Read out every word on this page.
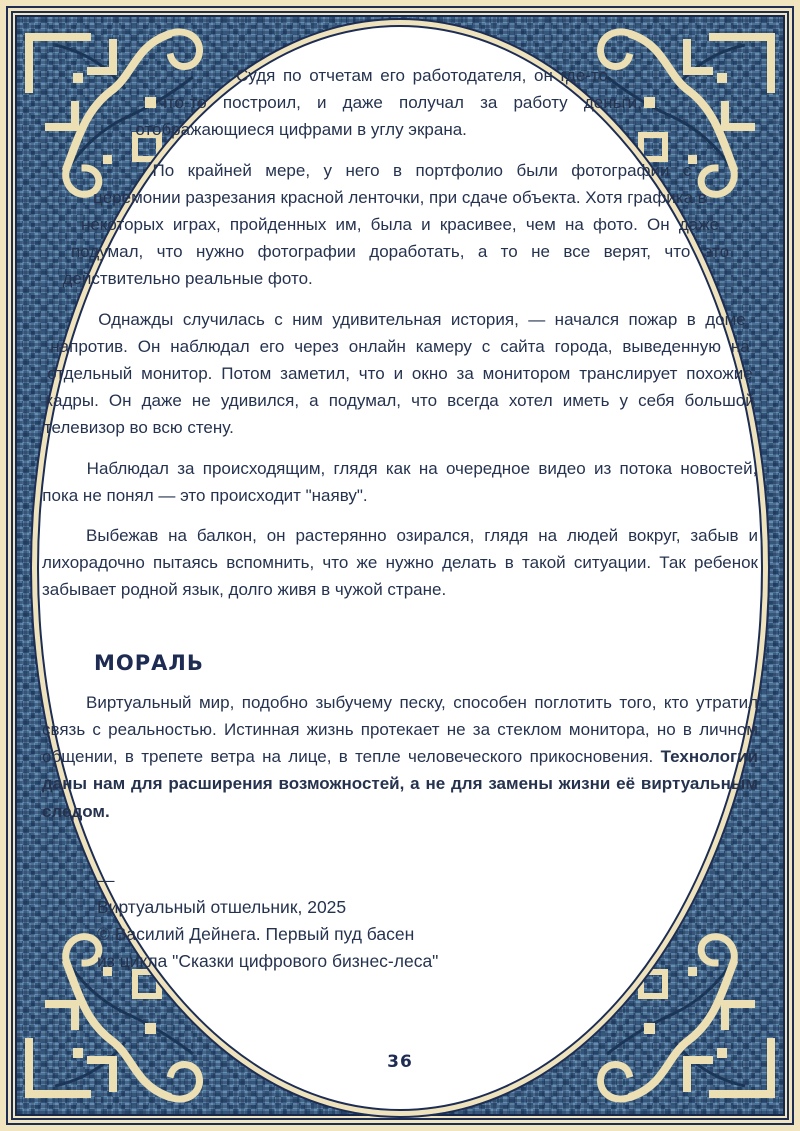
Судя по отчетам его работодателя, он где-то что-то построил, и даже получал за работу деньги, отображающиеся цифрами в углу экрана.

По крайней мере, у него в портфолио были фотографии с церемонии разрезания красной ленточки, при сдаче объекта. Хотя графика в некоторых играх, пройденных им, была и красивее, чем на фото. Он даже подумал, что нужно фотографии доработать, а то не все верят, что это действительно реальные фото.

Однажды случилась с ним удивительная история, — начался пожар в доме напротив. Он наблюдал его через онлайн камеру с сайта города, выведенную на отдельный монитор. Потом заметил, что и окно за монитором транслирует похожие кадры. Он даже не удивился, а подумал, что всегда хотел иметь у себя большой телевизор во всю стену.

Наблюдал за происходящим, глядя как на очередное видео из потока новостей, пока не понял — это происходит "наяву".

Выбежав на балкон, он растерянно озирался, глядя на людей вокруг, забыв и лихорадочно пытаясь вспомнить, что же нужно делать в такой ситуации. Так ребенок забывает родной язык, долго живя в чужой стране.

МОРАЛЬ

Виртуальный мир, подобно зыбучему песку, способен поглотить того, кто утратил связь с реальностью. Истинная жизнь протекает не за стеклом монитора, но в личном общении, в трепете ветра на лице, в тепле человеческого прикосновения. Технологии даны нам для расширения возможностей, а не для замены жизни её виртуальным следом.

—
Виртуальный отшельник, 2025
© Василий Дейнега. Первый пуд басен
из цикла "Сказки цифрового бизнес-леса"
36
